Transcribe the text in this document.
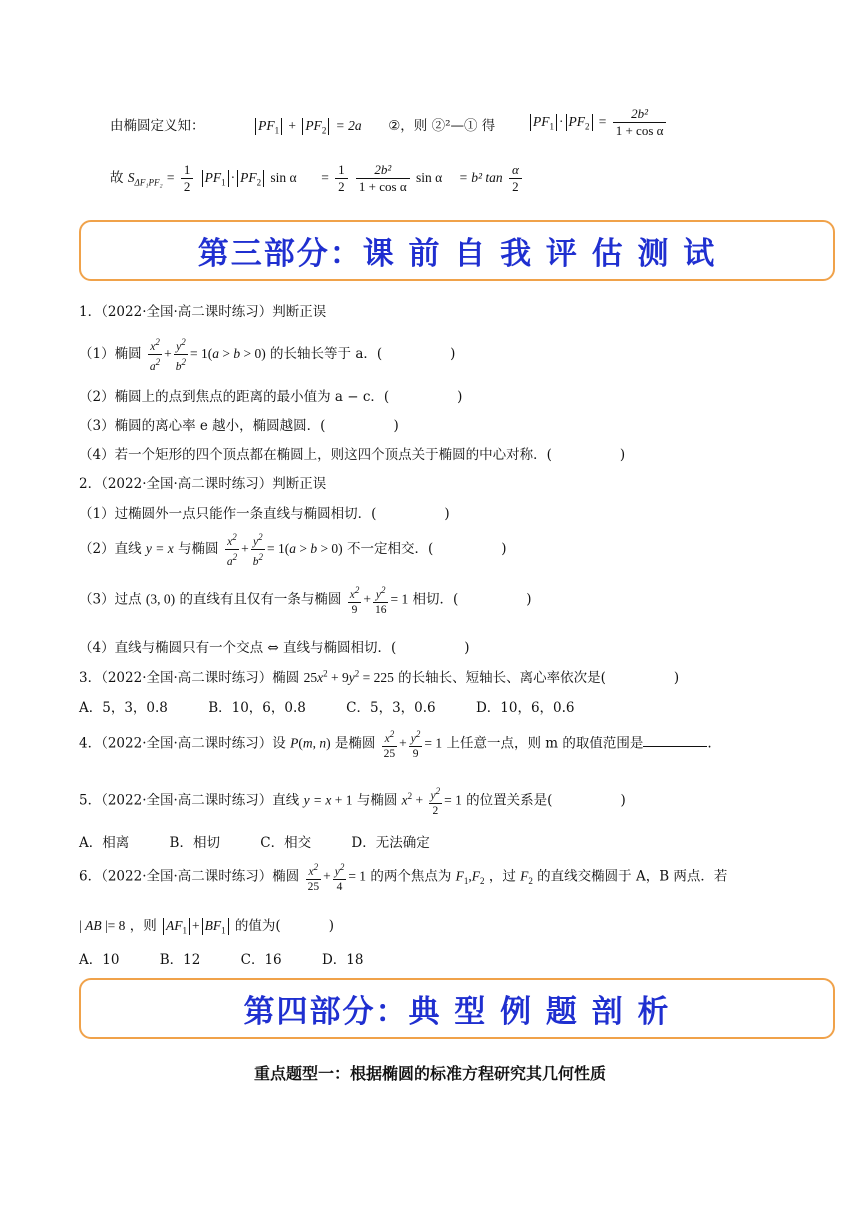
由椭圆定义知：	$PF_1 + PF_2 = 2a$ ②，则 ②²—① 得	$PF_1 \cdot PF_2 = \frac{\text{2b²}}{\text{1 + cos α}}$
故 $S_{\Delta F_1PF_2} = \frac{1}{2} PF_1 \cdot PF_2$ $\sin \alpha = \frac{1}{2}$
$\frac{\text{2b²}}{\text{1 + cos α}}$ sin α = b² $\tan \frac{\alpha}{2}$
第三部分：课 前 自 我 评 估 测 试
1．（2022·全国·高二课时练习）判断正误
（1）椭圆 $\frac{x^2}{a^2} + \frac{y^2}{b^2} = 1(a > b > 0)$ 的长轴长等于 a．(	)
（2）椭圆上的点到焦点的距离的最小值为 a − c．(	)
（3）椭圆的离心率 e 越小，椭圆越圆．(	)
（4）若一个矩形的四个顶点都在椭圆上，则这四个顶点关于椭圆的中心对称．(	)
2．（2022·全国·高二课时练习）判断正误
（1）过椭圆外一点只能作一条直线与椭圆相切．(	)
（2）直线 y = x 与椭圆 $\frac{x^2}{a^2} + \frac{y^2}{b^2} = 1(a > b > 0)$ 不一定相交．(	)
（3）过点 (3, 0) 的直线有且仅有一条与椭圆 $\frac{x^2}{9} + \frac{y^2}{16} = 1$ 相切．(	)
（4）直线与椭圆只有一个交点 ⇔ 直线与椭圆相切．(	)
3．（2022·全国·高二课时练习）椭圆 $25x^2 + 9y^2 = 225$ 的长轴长、短轴长、离心率依次是(	)
A．5，3，0.8	B．10，6，0.8	C．5，3，0.6	D．10，6，0.6
4．（2022·全国·高二课时练习）设 P(m, n) 是椭圆 $\frac{x^2}{25} + \frac{y^2}{9} = 1$ 上任意一点，则 m 的取值范围是	.
5．（2022·全国·高二课时练习）直线 y = x + 1 与椭圆 $x^2 + \frac{y^2}{2} = 1$ 的位置关系是(	)
A．相离	B．相切	C．相交	D．无法确定
6．（2022·全国·高二课时练习）椭圆 $\frac{x^2}{25} + \frac{y^2}{4} = 1$ 的两个焦点为 $F_1,F_2$ ，过 $F_2$ 的直线交椭圆于 A，B 两点．若
| AB |= 8 ，则 $AF_1 + BF_1$ 的值为(	)
A．10	B．12	C．16	D．18
第四部分：典 型 例 题 剖 析
重点题型一：根据椭圆的标准方程研究其几何性质
